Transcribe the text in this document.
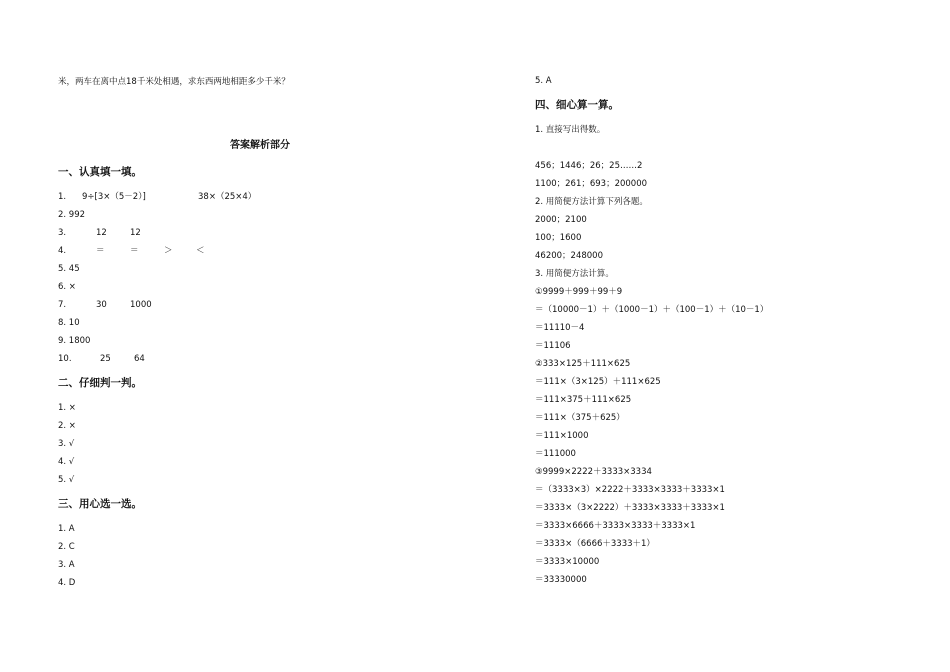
米，两车在离中点18千米处相遇，求东西两地相距多少千米？
答案解析部分
一、认真填一填。
1. 9÷[3×（5－2）]	38×（25×4）
2. 992
3.	12	12
4.	＝	＝	＞	＜
5. 45
6. ×
7.	30	1000
8. 10
9. 1800
10.	25	64
二、仔细判一判。
1. ×
2. ×
3. √
4. √
5. √
三、用心选一选。
1. A
2. C
3. A
4. D
5. A
四、细心算一算。
1. 直接写出得数。
456；1446；26；25……2
1100；261；693；200000
2. 用简便方法计算下列各题。
2000；2100
100；1600
46200；248000
3. 用简便方法计算。
①9999＋999＋99＋9
＝（10000－1）＋（1000－1）＋（100－1）＋（10－1）
＝11110－4
＝11106
②333×125＋111×625
＝111×（3×125）＋111×625
＝111×375＋111×625
＝111×（375＋625）
＝111×1000
＝111000
③9999×2222＋3333×3334
＝（3333×3）×2222＋3333×3333＋3333×1
＝3333×（3×2222）＋3333×3333＋3333×1
＝3333×6666＋3333×3333＋3333×1
＝3333×（6666＋3333＋1）
＝3333×10000
＝33330000
